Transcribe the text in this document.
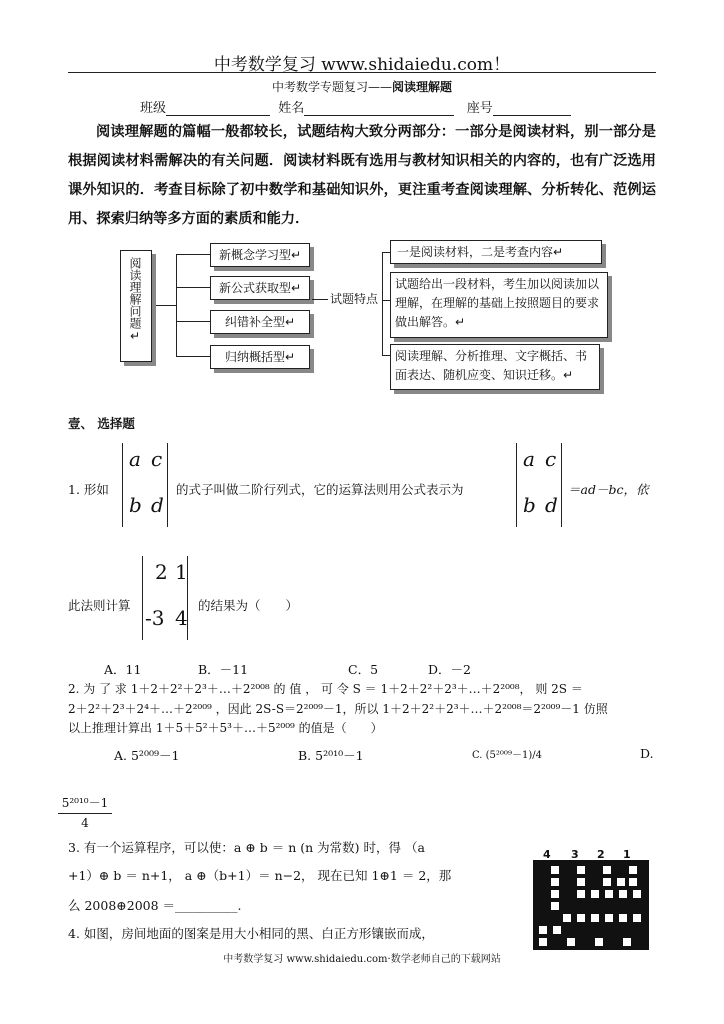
中考数学复习 www.shidaiedu.com！
中考数学专题复习——阅读理解题
班级	姓名	座号

阅读理解题的篇幅一般都较长，试题结构大致分两部分：一部分是阅读材料，别一部分是根据阅读材料需解决的有关问题．阅读材料既有选用与教材知识相关的内容的，也有广泛选用课外知识的．考查目标除了初中数学和基础知识外，更注重考查阅读理解、分析转化、范例运用、探索归纳等多方面的素质和能力．

阅读理解问题↵
新概念学习型↵
新公式获取型↵
纠错补全型↵
归纳概括型↵
试题特点
一是阅读材料，二是考查内容↵
试题给出一段材料，考生加以阅读加以理解，在理解的基础上按照题目的要求做出解答。↵
阅读理解、分析推理、文字概括、书面表达、随机应变、知识迁移。↵
壹、 选择题
1. 形如
a c
b d
的式子叫做二阶行列式，它的运算法则用公式表示为
a c
b d
＝ad－bc，依
此法则计算
2 1
-3 4
的结果为（　　）
A．11	B．－11	C．5	D．－2
2. 为 了 求 1＋2＋2²＋2³＋…＋2²⁰⁰⁸ 的 值 ， 可 令 S ＝ 1＋2＋2²＋2³＋…＋2²⁰⁰⁸， 则 2S ＝
2＋2²＋2³＋2⁴＋…＋2²⁰⁰⁹ ，因此 2S-S＝2²⁰⁰⁹－1，所以 1＋2＋2²＋2³＋…＋2²⁰⁰⁸＝2²⁰⁰⁹－1 仿照
以上推理计算出 1＋5＋5²＋5³＋…＋5²⁰⁰⁹ 的值是（　　）
A. 5²⁰⁰⁹－1	B. 5²⁰¹⁰－1	C. (5²⁰⁰⁹－1)/4	D.
$\frac{\text{5²⁰¹⁰－1}}{4}$
3. 有一个运算程序，可以使：a ⊕ b ＝ n (n 为常数) 时，得 （a
+1）⊕ b ＝ n+1， a ⊕（b+1）＝ n−2， 现在已知 1⊕1 ＝ 2，那
么 2008⊕2008 ＝__________.
4. 如图，房间地面的图案是用大小相同的黑、白正方形镶嵌而成，
4 3 2 1
中考数学复习 www.shidaiedu.com·数学老师自己的下载网站
